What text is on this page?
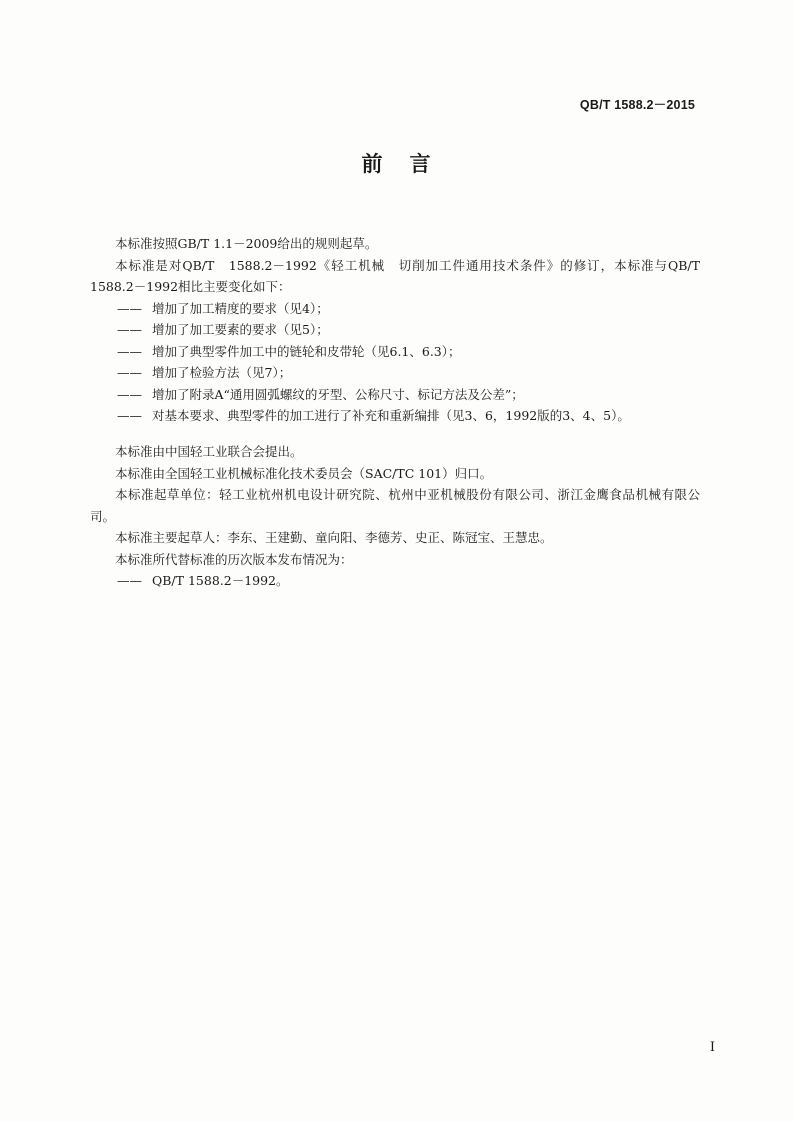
QB/T 1588.2－2015
前 言

本标准按照GB/T 1.1－2009给出的规则起草。

本标准是对QB/T　1588.2－1992《轻工机械　切削加工件通用技术条件》的修订，本标准与QB/T 1588.2－1992相比主要变化如下：

—— 增加了加工精度的要求（见4）；

—— 增加了加工要素的要求（见5）；

—— 增加了典型零件加工中的链轮和皮带轮（见6.1、6.3）；

—— 增加了检验方法（见7）；

—— 增加了附录A“通用圆弧螺纹的牙型、公称尺寸、标记方法及公差”；

—— 对基本要求、典型零件的加工进行了补充和重新编排（见3、6，1992版的3、4、5）。

本标准由中国轻工业联合会提出。

本标准由全国轻工业机械标准化技术委员会（SAC/TC 101）归口。

本标准起草单位：轻工业杭州机电设计研究院、杭州中亚机械股份有限公司、浙江金鹰食品机械有限公司。

本标准主要起草人：李东、王建勤、童向阳、李德芳、史正、陈冠宝、王慧忠。

本标准所代替标准的历次版本发布情况为：

—— QB/T 1588.2－1992。

I
